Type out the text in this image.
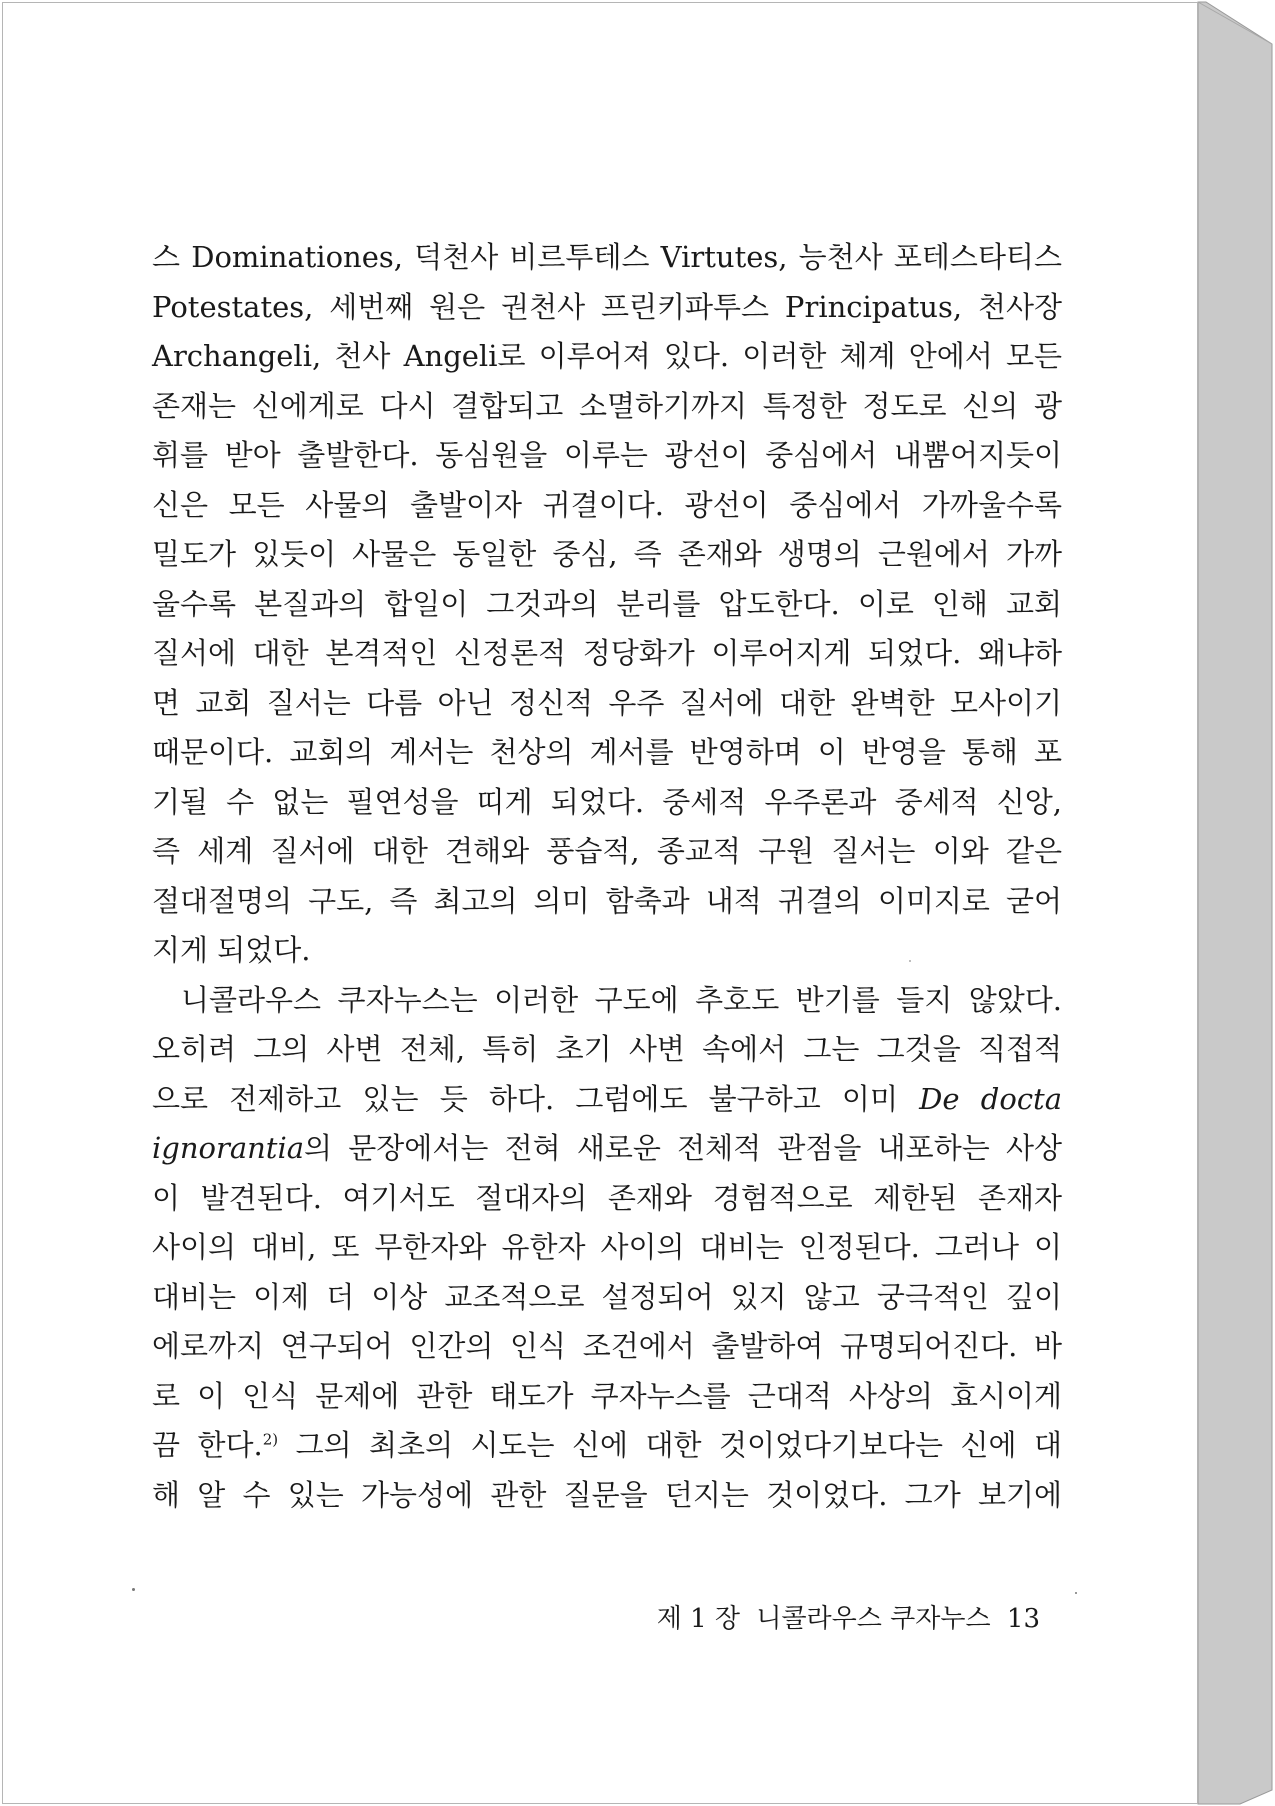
스 Dominationes, 덕천사 비르투테스 Virtutes, 능천사 포테스타티스
Potestates, 세번째 원은 권천사 프린키파투스 Principatus, 천사장
Archangeli, 천사 Angeli로 이루어져 있다. 이러한 체계 안에서 모든
존재는 신에게로 다시 결합되고 소멸하기까지 특정한 정도로 신의 광
휘를 받아 출발한다. 동심원을 이루는 광선이 중심에서 내뿜어지듯이
신은 모든 사물의 출발이자 귀결이다. 광선이 중심에서 가까울수록
밀도가 있듯이 사물은 동일한 중심, 즉 존재와 생명의 근원에서 가까
울수록 본질과의 합일이 그것과의 분리를 압도한다. 이로 인해 교회
질서에 대한 본격적인 신정론적 정당화가 이루어지게 되었다. 왜냐하
면 교회 질서는 다름 아닌 정신적 우주 질서에 대한 완벽한 모사이기
때문이다. 교회의 계서는 천상의 계서를 반영하며 이 반영을 통해 포
기될 수 없는 필연성을 띠게 되었다. 중세적 우주론과 중세적 신앙,
즉 세계 질서에 대한 견해와 풍습적, 종교적 구원 질서는 이와 같은
절대절명의 구도, 즉 최고의 의미 함축과 내적 귀결의 이미지로 굳어
지게 되었다.
니콜라우스 쿠자누스는 이러한 구도에 추호도 반기를 들지 않았다.
오히려 그의 사변 전체, 특히 초기 사변 속에서 그는 그것을 직접적
으로 전제하고 있는 듯 하다. 그럼에도 불구하고 이미 De docta
ignorantia의 문장에서는 전혀 새로운 전체적 관점을 내포하는 사상
이 발견된다. 여기서도 절대자의 존재와 경험적으로 제한된 존재자
사이의 대비, 또 무한자와 유한자 사이의 대비는 인정된다. 그러나 이
대비는 이제 더 이상 교조적으로 설정되어 있지 않고 궁극적인 깊이
에로까지 연구되어 인간의 인식 조건에서 출발하여 규명되어진다. 바
로 이 인식 문제에 관한 태도가 쿠자누스를 근대적 사상의 효시이게
끔 한다.$^{2)}$ 그의 최초의 시도는 신에 대한 것이었다기보다는 신에 대
해 알 수 있는 가능성에 관한 질문을 던지는 것이었다. 그가 보기에
제 1 장 니콜라우스 쿠자누스 13
